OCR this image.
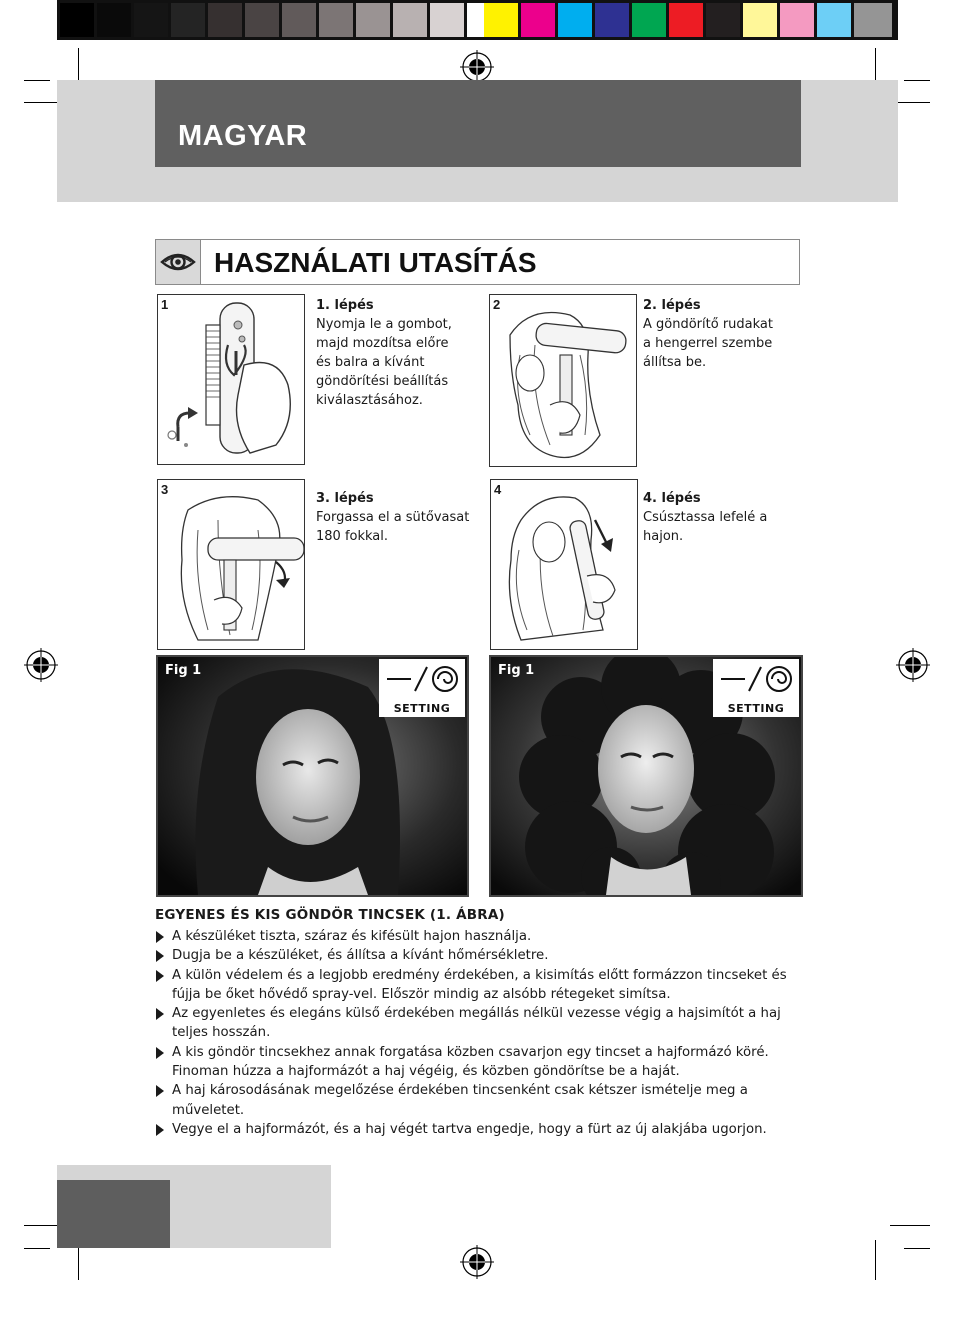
MAGYAR
HASZNÁLATI UTASÍTÁS
1	1. lépés
Nyomja le a gombot,
majd mozdítsa előre
és balra a kívánt
göndörítési beállítás
kiválasztásához.
2	2. lépés
A göndörítő rudakat
a hengerrel szembe
állítsa be.
3
3. lépés
Forgassa el a sütővasat
180 fokkal.
4
4. lépés
Csúsztassa lefelé a
hajon.
Fig 1
SETTING
Fig 1
SETTING
EGYENES ÉS KIS GÖNDÖR TINCSEK (1. ÁBRA)
A készüléket tiszta, száraz és kifésült hajon használja.
Dugja be a készüléket, és állítsa a kívánt hőmérsékletre.
A külön védelem és a legjobb eredmény érdekében, a kisimítás előtt formázzon tincseket és fújja be őket hővédő spray-vel. Először mindig az alsóbb rétegeket simítsa.
Az egyenletes és elegáns külső érdekében megállás nélkül vezesse végig a hajsimítót a haj teljes hosszán.
A kis göndör tincsekhez annak forgatása közben csavarjon egy tincset a hajformázó köré. Finoman húzza a hajformázót a haj végéig, és közben göndörítse be a haját.
A haj károsodásának megelőzése érdekében tincsenként csak kétszer ismételje meg a műveletet.
Vegye el a hajformázót, és a haj végét tartva engedje, hogy a fürt az új alakjába ugorjon.
